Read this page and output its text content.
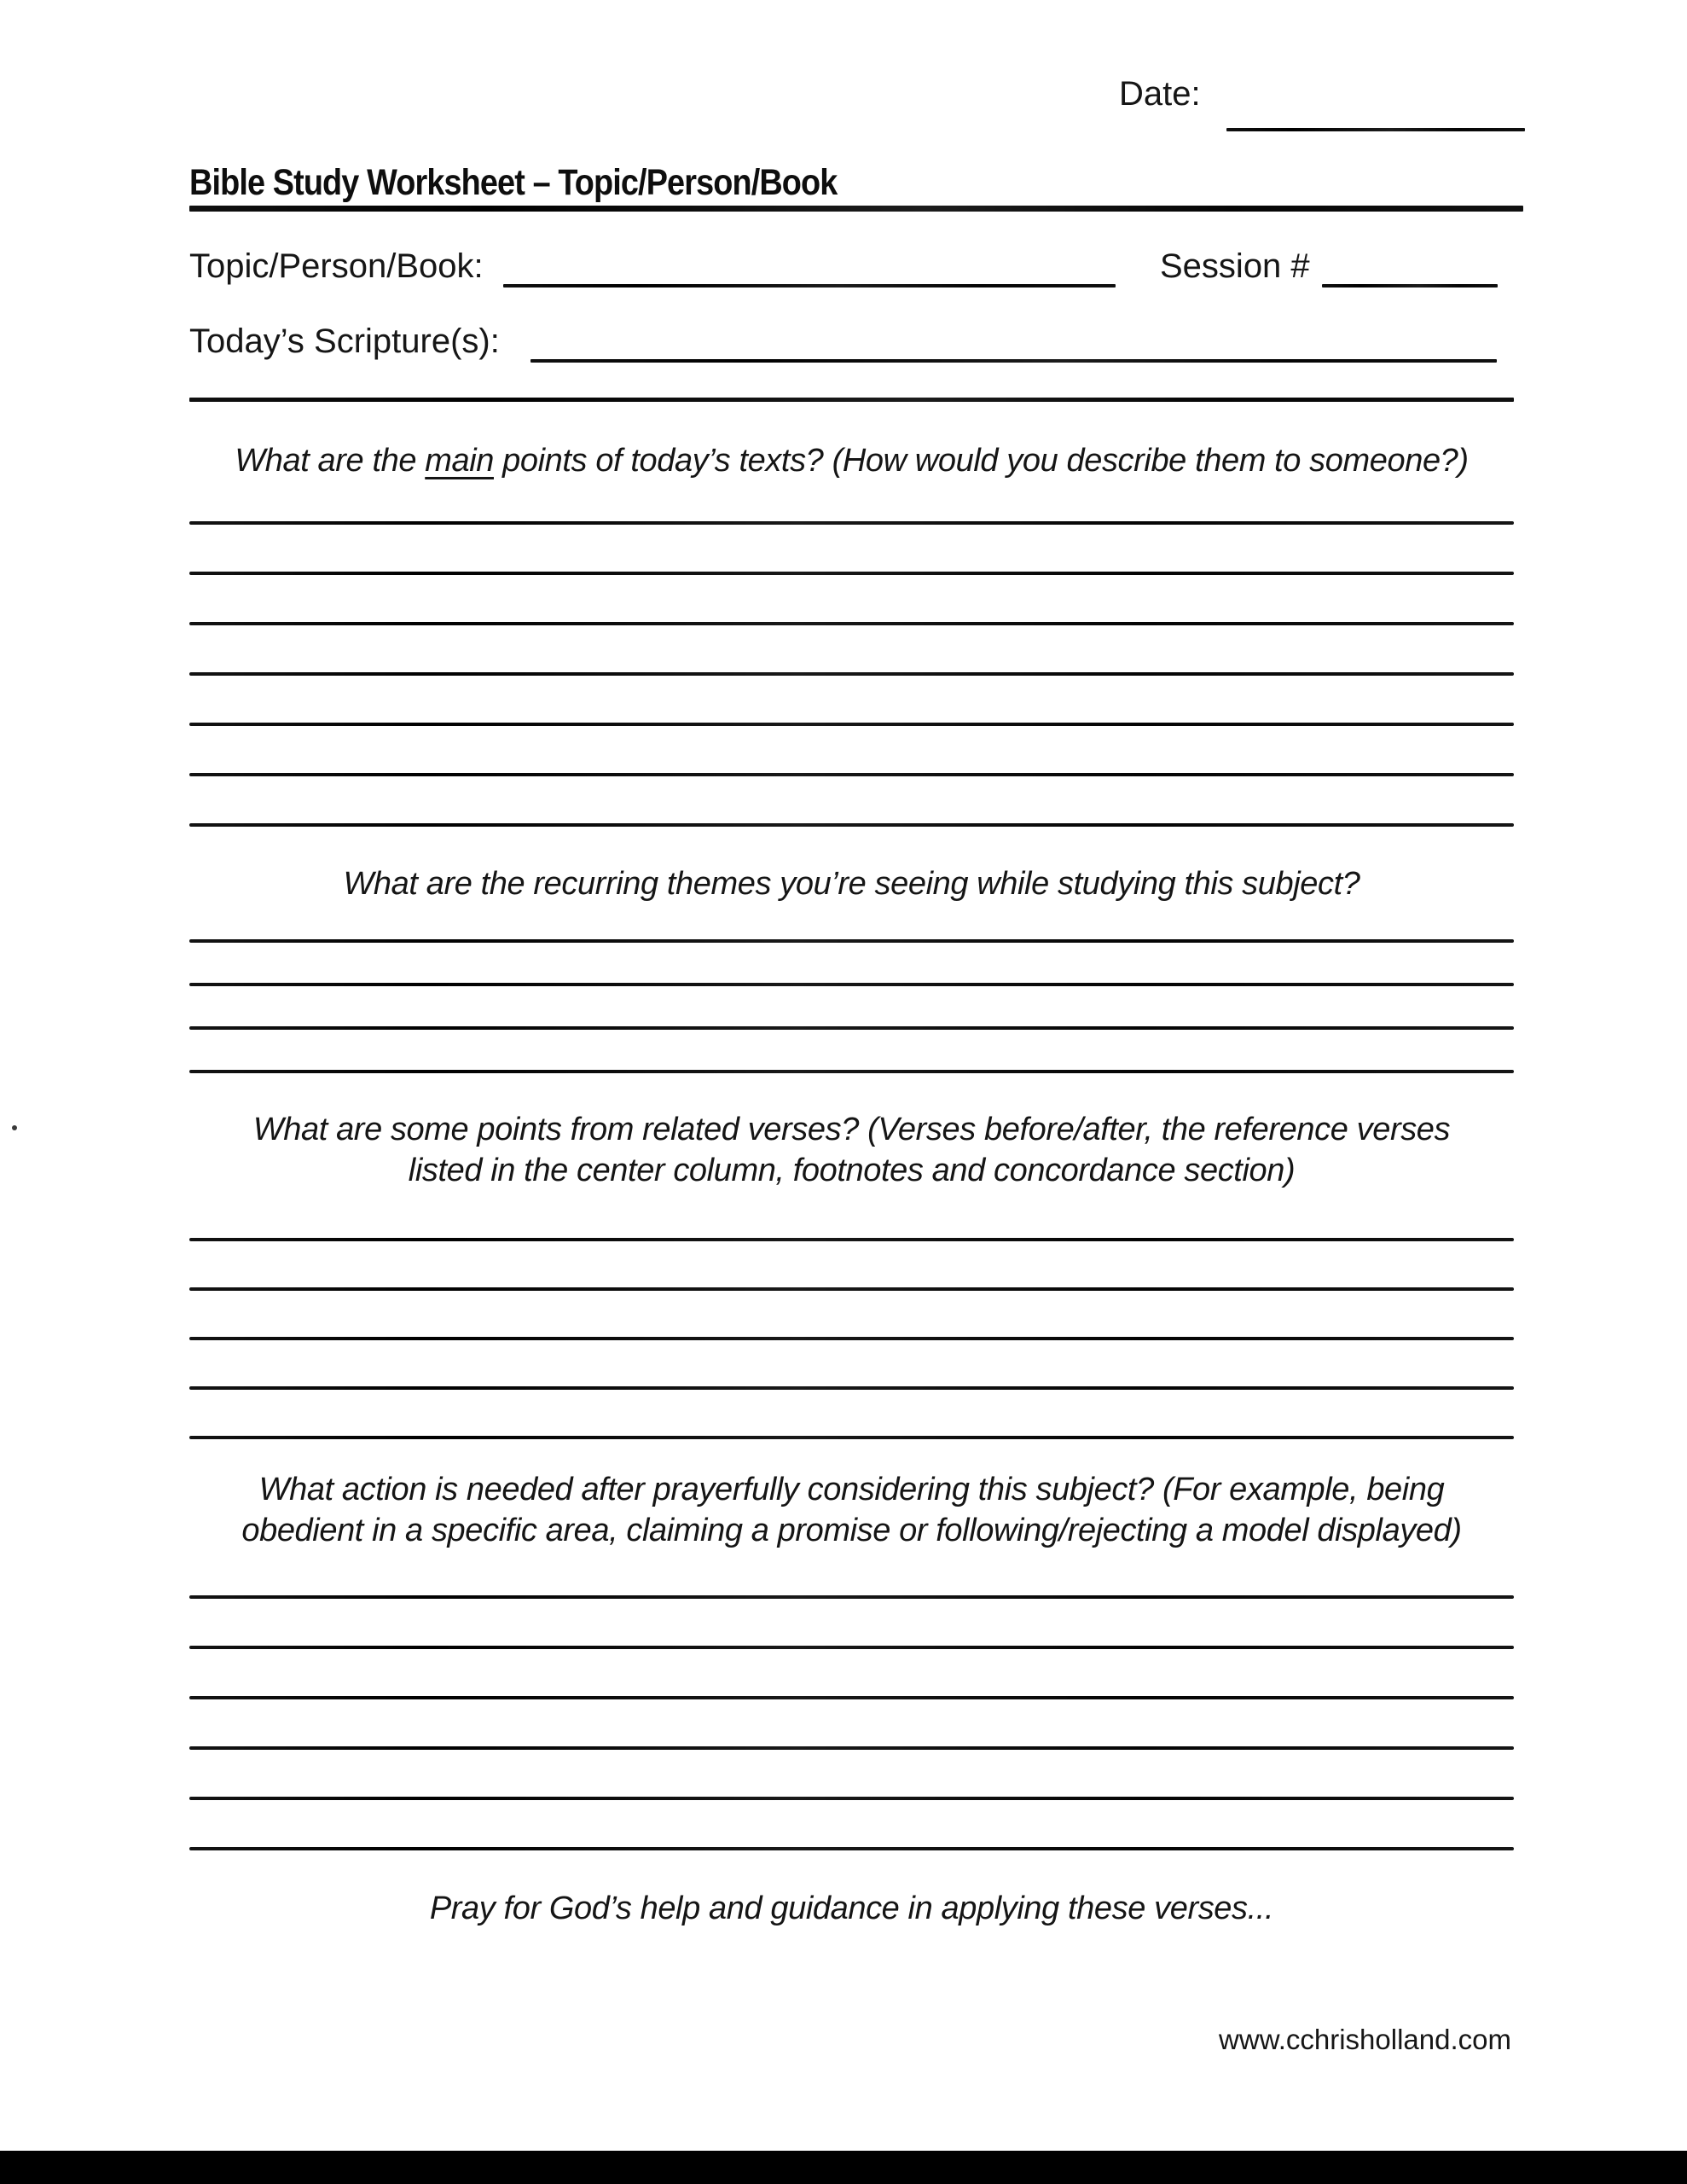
Date:
Bible Study Worksheet – Topic/Person/Book
Topic/Person/Book:	Session #
Today’s Scripture(s):
What are the main points of today’s texts? (How would you describe them to someone?)
What are the recurring themes you’re seeing while studying this subject?
What are some points from related verses? (Verses before/after, the reference verses
listed in the center column, footnotes and concordance section)
What action is needed after prayerfully considering this subject? (For example, being
obedient in a specific area, claiming a promise or following/rejecting a model displayed)
Pray for God’s help and guidance in applying these verses...
www.cchrisholland.com
